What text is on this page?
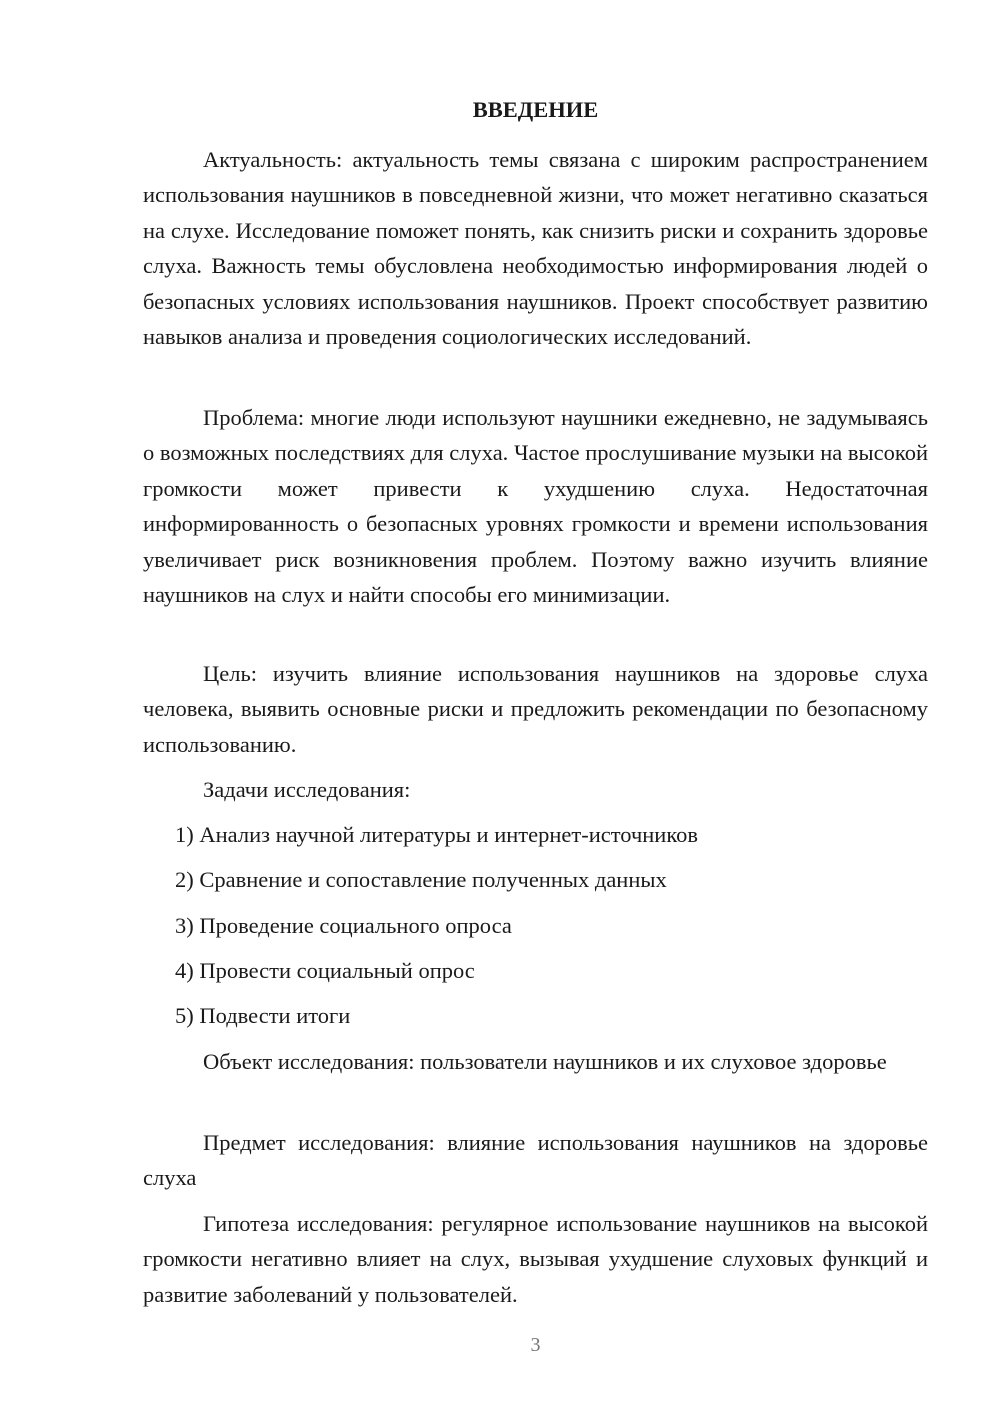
ВВЕДЕНИЕ

Актуальность: актуальность темы связана с широким распространением использования наушников в повседневной жизни, что может негативно сказаться на слухе. Исследование поможет понять, как снизить риски и сохранить здоровье слуха. Важность темы обусловлена необходимостью информирования людей о безопасных условиях использования наушников. Проект способствует развитию навыков анализа и проведения социологических исследований.

Проблема: многие люди используют наушники ежедневно, не задумываясь о возможных последствиях для слуха. Частое прослушивание музыки на высокой громкости может привести к ухудшению слуха. Недостаточная информированность о безопасных уровнях громкости и времени использования увеличивает риск возникновения проблем. Поэтому важно изучить влияние наушников на слух и найти способы его минимизации.

Цель: изучить влияние использования наушников на здоровье слуха человека, выявить основные риски и предложить рекомендации по безопасному использованию.

Задачи исследования:

1) Анализ научной литературы и интернет-источников

2) Сравнение и сопоставление полученных данных

3) Проведение социального опроса

4) Провести социальный опрос

5) Подвести итоги

Объект исследования: пользователи наушников и их слуховое здоровье

Предмет исследования: влияние использования наушников на здоровье слуха

Гипотеза исследования: регулярное использование наушников на высокой громкости негативно влияет на слух, вызывая ухудшение слуховых функций и развитие заболеваний у пользователей.

3
